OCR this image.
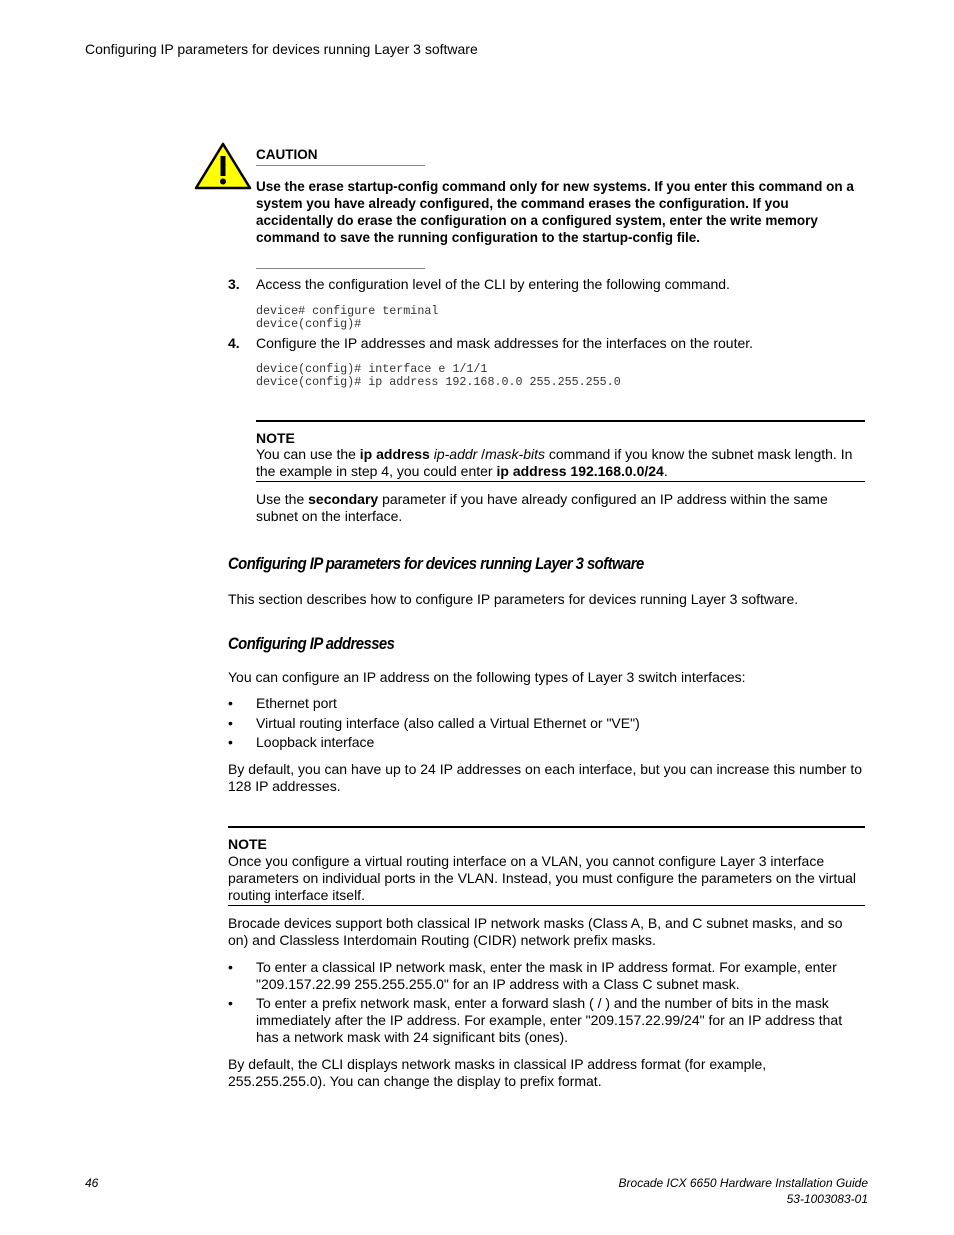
Configuring IP parameters for devices running Layer 3 software
CAUTION
Use the erase startup-config command only for new systems. If you enter this command on a system you have already configured, the command erases the configuration. If you accidentally do erase the configuration on a configured system, enter the write memory command to save the running configuration to the startup-config file.
3. Access the configuration level of the CLI by entering the following command.
device# configure terminal
device(config)#
4. Configure the IP addresses and mask addresses for the interfaces on the router.
device(config)# interface e 1/1/1
device(config)# ip address 192.168.0.0 255.255.255.0
NOTE
You can use the ip address ip-addr /mask-bits command if you know the subnet mask length. In the example in step 4, you could enter ip address 192.168.0.0/24.
Use the secondary parameter if you have already configured an IP address within the same subnet on the interface.
Configuring IP parameters for devices running Layer 3 software
This section describes how to configure IP parameters for devices running Layer 3 software.
Configuring IP addresses
You can configure an IP address on the following types of Layer 3 switch interfaces:
• Ethernet port
• Virtual routing interface (also called a Virtual Ethernet or "VE")
• Loopback interface
By default, you can have up to 24 IP addresses on each interface, but you can increase this number to 128 IP addresses.
NOTE
Once you configure a virtual routing interface on a VLAN, you cannot configure Layer 3 interface parameters on individual ports in the VLAN. Instead, you must configure the parameters on the virtual routing interface itself.
Brocade devices support both classical IP network masks (Class A, B, and C subnet masks, and so on) and Classless Interdomain Routing (CIDR) network prefix masks.
• To enter a classical IP network mask, enter the mask in IP address format. For example, enter "209.157.22.99 255.255.255.0" for an IP address with a Class C subnet mask.
• To enter a prefix network mask, enter a forward slash ( / ) and the number of bits in the mask immediately after the IP address. For example, enter "209.157.22.99/24" for an IP address that has a network mask with 24 significant bits (ones).
By default, the CLI displays network masks in classical IP address format (for example, 255.255.255.0). You can change the display to prefix format.
46	Brocade ICX 6650 Hardware Installation Guide
53-1003083-01
